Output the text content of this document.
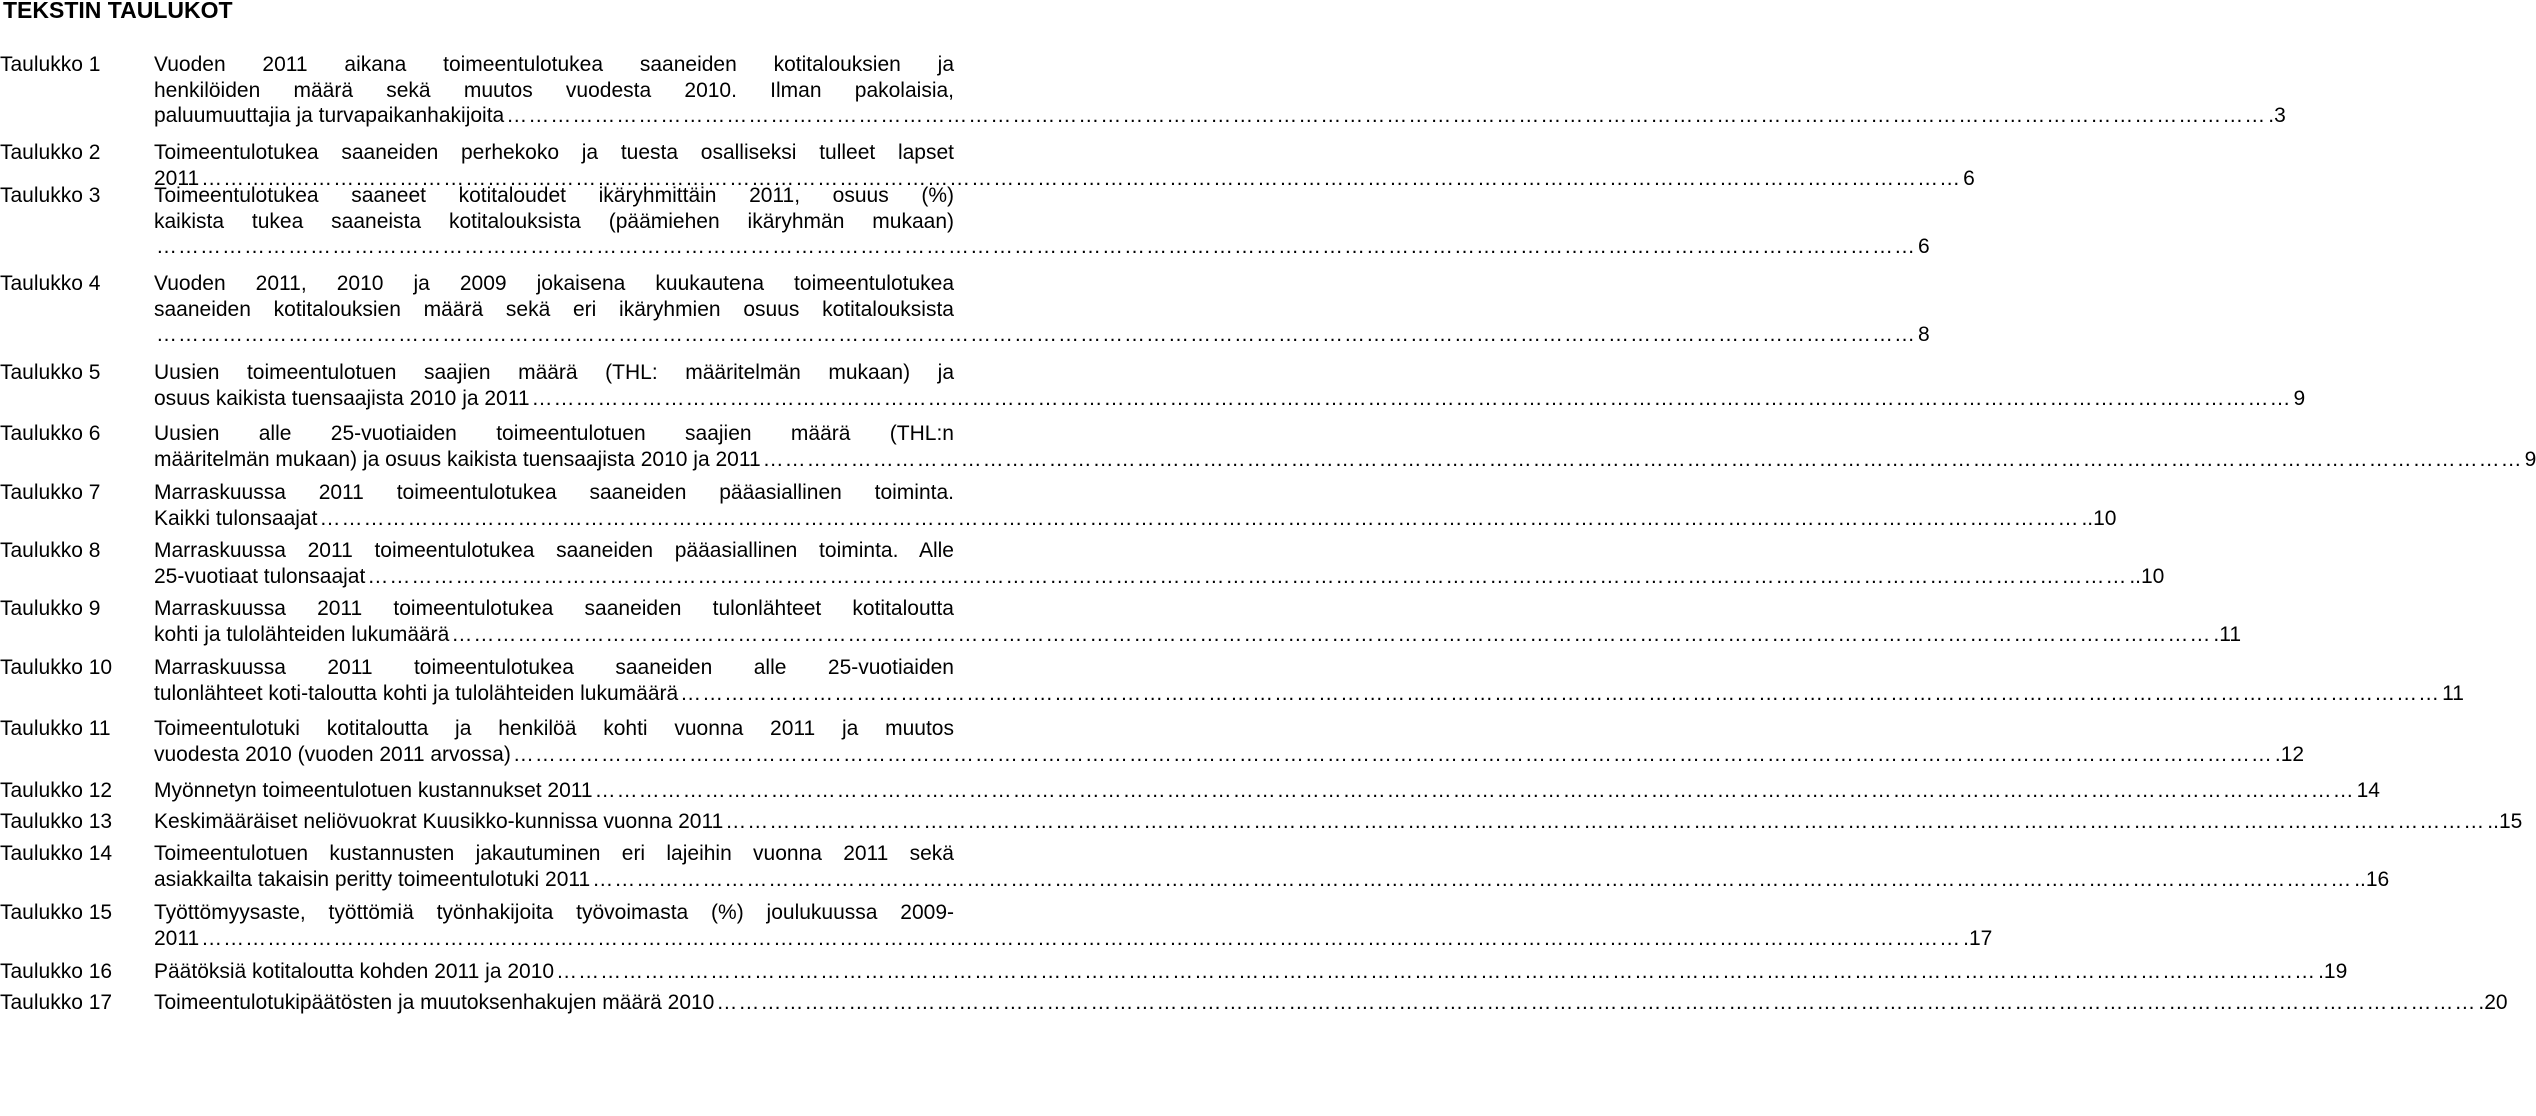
TEKSTIN TAULUKOT
Taulukko 1	Vuoden 2011 aikana toimeentulotukea saaneiden kotitalouksien ja
henkilöiden määrä sekä muutos vuodesta 2010. Ilman pakolaisia,
paluumuuttajia ja turvapaikanhakijoita …………………………………………………………………………………………………………………………………………………………………………………………………………………… .3
Taulukko 2	Toimeentulotukea saaneiden perhekoko ja tuesta osalliseksi tulleet lapset
2011 …………………………………………………………………………………………………………………………………………………………………………………………………………………… 6
Taulukko 3	Toimeentulotukea saaneet kotitaloudet ikäryhmittäin 2011, osuus (%)
kaikista tukea saaneista kotitalouksista (päämiehen ikäryhmän mukaan)
…………………………………………………………………………………………………………………………………………………………………………………………………………………… 6
Taulukko 4	Vuoden 2011, 2010 ja 2009 jokaisena kuukautena toimeentulotukea
saaneiden kotitalouksien määrä sekä eri ikäryhmien osuus kotitalouksista
…………………………………………………………………………………………………………………………………………………………………………………………………………………… 8
Taulukko 5	Uusien toimeentulotuen saajien määrä (THL: määritelmän mukaan) ja
osuus kaikista tuensaajista 2010 ja 2011 …………………………………………………………………………………………………………………………………………………………………………………………………………………… 9
Taulukko 6	Uusien alle 25-vuotiaiden toimeentulotuen saajien määrä (THL:n
määritelmän mukaan) ja osuus kaikista tuensaajista 2010 ja 2011 …………………………………………………………………………………………………………………………………………………………………………………………………………………… 9
Taulukko 7	Marraskuussa 2011 toimeentulotukea saaneiden pääasiallinen toiminta.
Kaikki tulonsaajat …………………………………………………………………………………………………………………………………………………………………………………………………………………… ..10
Taulukko 8	Marraskuussa 2011 toimeentulotukea saaneiden pääasiallinen toiminta. Alle
25-vuotiaat tulonsaajat …………………………………………………………………………………………………………………………………………………………………………………………………………………… ..10
Taulukko 9	Marraskuussa 2011 toimeentulotukea saaneiden tulonlähteet kotitaloutta
kohti ja tulolähteiden lukumäärä …………………………………………………………………………………………………………………………………………………………………………………………………………………… .11
Taulukko 10 Marraskuussa 2011 toimeentulotukea saaneiden alle 25-vuotiaiden
tulonlähteet koti-taloutta kohti ja tulolähteiden lukumäärä …………………………………………………………………………………………………………………………………………………………………………………………………………………… 11
Taulukko 11 Toimeentulotuki kotitaloutta ja henkilöä kohti vuonna 2011 ja muutos
vuodesta 2010 (vuoden 2011 arvossa) …………………………………………………………………………………………………………………………………………………………………………………………………………………… .12
Taulukko 12 Myönnetyn toimeentulotuen kustannukset 2011 …………………………………………………………………………………………………………………………………………………………………………………………………………………… 14
Taulukko 13 Keskimääräiset neliövuokrat Kuusikko-kunnissa vuonna 2011 …………………………………………………………………………………………………………………………………………………………………………………………………………………… ..15
Taulukko 14 Toimeentulotuen kustannusten jakautuminen eri lajeihin vuonna 2011 sekä
asiakkailta takaisin peritty toimeentulotuki 2011 …………………………………………………………………………………………………………………………………………………………………………………………………………………… ..16
Taulukko 15 Työttömyysaste, työttömiä työnhakijoita työvoimasta (%) joulukuussa 2009-
2011 …………………………………………………………………………………………………………………………………………………………………………………………………………………… .17
Taulukko 16 Päätöksiä kotitaloutta kohden 2011 ja 2010 …………………………………………………………………………………………………………………………………………………………………………………………………………………… .19
Taulukko 17 Toimeentulotukipäätösten ja muutoksenhakujen määrä 2010 …………………………………………………………………………………………………………………………………………………………………………………………………………………… .20
